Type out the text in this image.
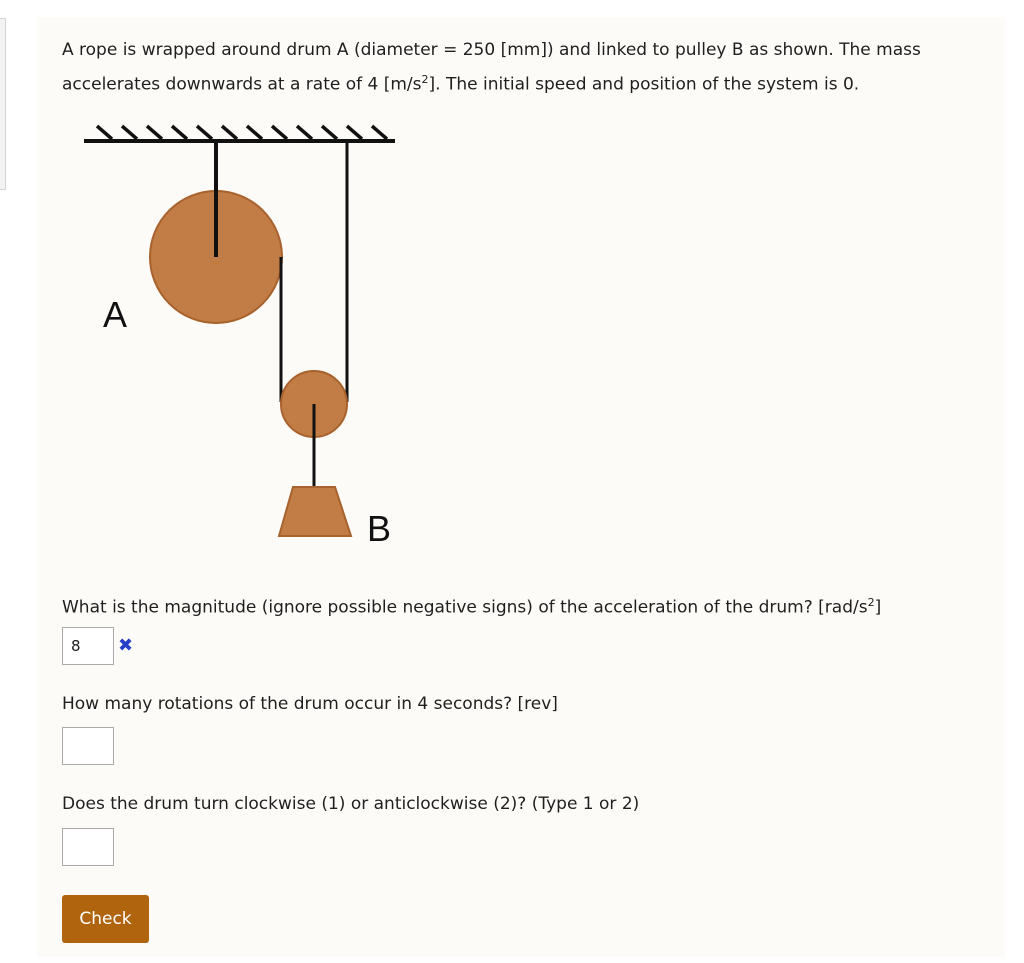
A rope is wrapped around drum A (diameter = 250 [mm]) and linked to pulley B as shown. The mass
accelerates downwards at a rate of 4 $[m/s^2]$. The initial speed and position of the system is 0.

A
B

What is the magnitude (ignore possible negative signs) of the acceleration of the drum? $[rad/s^2]$

8
✖

How many rotations of the drum occur in 4 seconds? [rev]

Does the drum turn clockwise (1) or anticlockwise (2)? (Type 1 or 2)

Check
